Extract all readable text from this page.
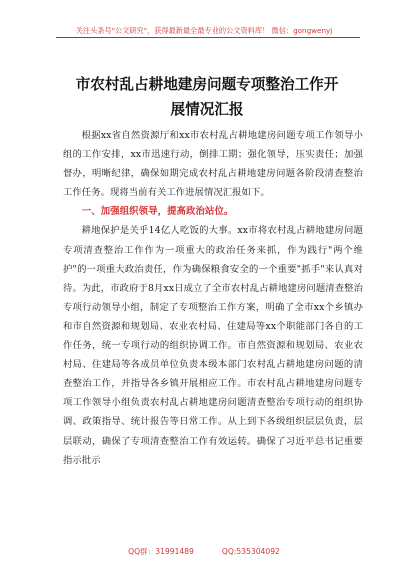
关注头条号"公文研究"，获得最新最全最专业的公文资料库！ 微信：gongwenyj
市农村乱占耕地建房问题专项整治工作开展情况汇报

根据xx省自然资源厅和xx市农村乱占耕地建房问题专项工作领导小组的工作安排，xx市迅速行动，倒排工期；强化领导，压实责任；加强督办，明晰纪律，确保如期完成农村乱占耕地建房问题各阶段清查整治工作任务。现将当前有关工作进展情况汇报如下。

一、加强组织领导，提高政治站位。

耕地保护是关乎14亿人吃饭的大事。xx市将农村乱占耕地建房问题专项清查整治工作作为一项重大的政治任务来抓，作为践行"两个维护"的一项重大政治责任，作为确保粮食安全的一个重要"抓手"来认真对待。为此，市政府于8月xx日成立了全市农村乱占耕地建房问题清查整治专项行动领导小组，制定了专项整治工作方案，明确了全市xx个乡镇办和市自然资源和规划局、农业农村局、住建局等xx个职能部门各自的工作任务，统一专项行动的组织协调工作。市自然资源和规划局、农业农村局、住建局等各成员单位负责本级本部门农村乱占耕地建房问题的清查整治工作，并指导各乡镇开展相应工作。市农村乱占耕地建房问题专项工作领导小组负责农村乱占耕地建房问题清查整治专项行动的组织协调、政策指导、统计报告等日常工作。从上到下各级组织层层负责，层层联动，确保了专项清查整治工作有效运转。确保了习近平总书记重要指示批示

QQ群：31991489	QQ:535304092
